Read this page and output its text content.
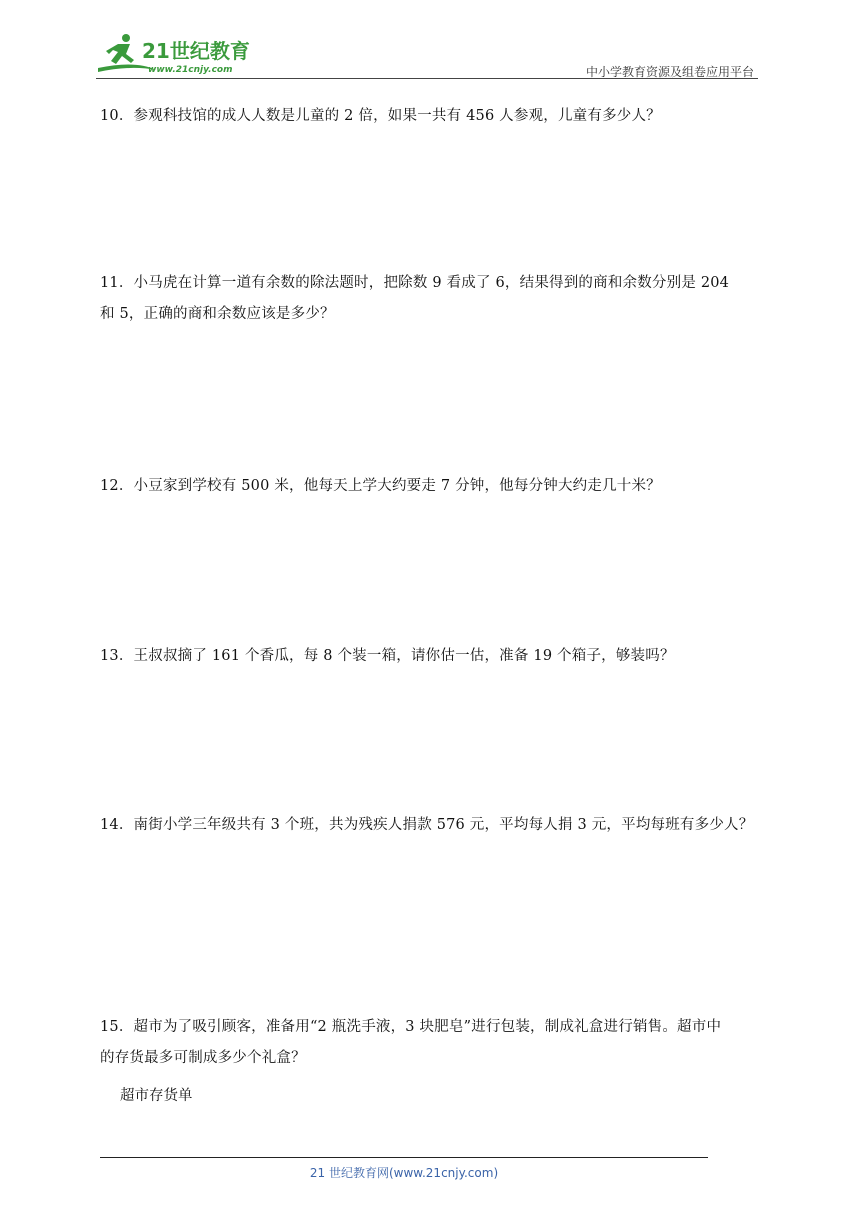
21世纪教育
www.21cnjy.com	中小学教育资源及组卷应用平台
10．参观科技馆的成人人数是儿童的 2 倍，如果一共有 456 人参观，儿童有多少人？
11．小马虎在计算一道有余数的除法题时，把除数 9 看成了 6，结果得到的商和余数分别是 204
和 5，正确的商和余数应该是多少？
12．小豆家到学校有 500 米，他每天上学大约要走 7 分钟，他每分钟大约走几十米？
13．王叔叔摘了 161 个香瓜，每 8 个装一箱，请你估一估，准备 19 个箱子，够装吗？
14．南街小学三年级共有 3 个班，共为残疾人捐款 576 元，平均每人捐 3 元，平均每班有多少人？
15．超市为了吸引顾客，准备用“2 瓶洗手液，3 块肥皂”进行包装，制成礼盒进行销售。超市中
的存货最多可制成多少个礼盒？
超市存货单
21 世纪教育网(www.21cnjy.com)
